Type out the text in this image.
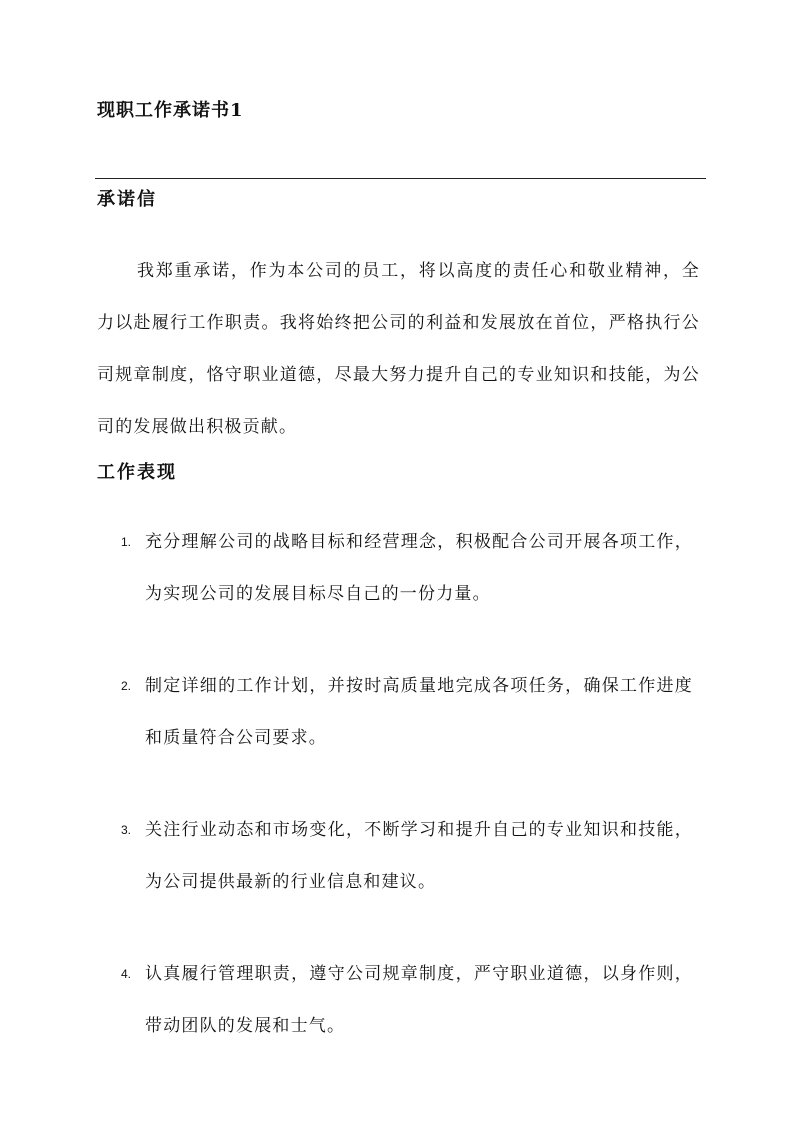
现职工作承诺书1
承诺信

我郑重承诺，作为本公司的员工，将以高度的责任心和敬业精神，全力以赴履行工作职责。我将始终把公司的利益和发展放在首位，严格执行公司规章制度，恪守职业道德，尽最大努力提升自己的专业知识和技能，为公司的发展做出积极贡献。

工作表现
1. 充分理解公司的战略目标和经营理念，积极配合公司开展各项工作，为实现公司的发展目标尽自己的一份力量。

2. 制定详细的工作计划，并按时高质量地完成各项任务，确保工作进度和质量符合公司要求。

3. 关注行业动态和市场变化，不断学习和提升自己的专业知识和技能，为公司提供最新的行业信息和建议。

4. 认真履行管理职责，遵守公司规章制度，严守职业道德，以身作则，带动团队的发展和士气。
